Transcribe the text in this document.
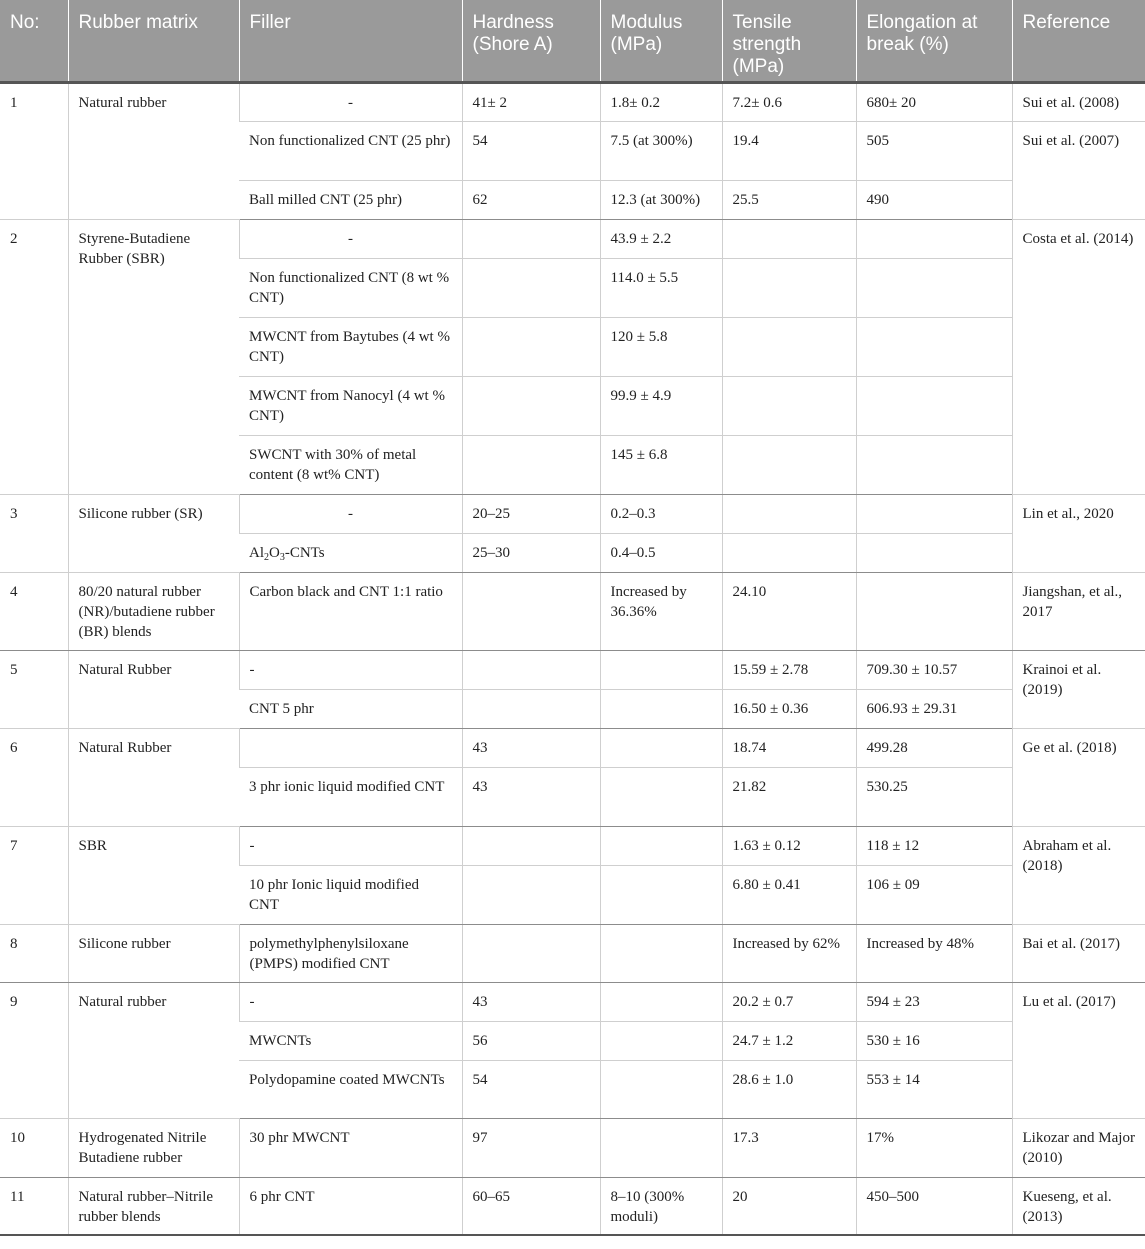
No:	Rubber matrix	Filler	Hardness (Shore A)	Modulus (MPa)	Tensile strength (MPa)	Elongation at break (%)	Reference
1	Natural rubber	-	41± 2	1.8± 0.2	7.2± 0.6	680± 20	Sui et al. (2008)
		Non functionalized CNT (25 phr)	54	7.5 (at 300%)	19.4	505	Sui et al. (2007)
		Ball milled CNT (25 phr)	62	12.3 (at 300%)	25.5	490	
2	Styrene-Butadiene Rubber (SBR)	-		43.9 ± 2.2			Costa et al. (2014)
		Non functionalized CNT (8 wt % CNT)		114.0 ± 5.5			
		MWCNT from Baytubes (4 wt % CNT)		120 ± 5.8			
		MWCNT from Nanocyl (4 wt % CNT)		99.9 ± 4.9			
		SWCNT with 30% of metal content (8 wt% CNT)		145 ± 6.8			
3	Silicone rubber (SR)	-	20–25	0.2–0.3			Lin et al., 2020
		$Al_2O_3$-CNTs	25–30	0.4–0.5			
4	80/20 natural rubber (NR)/butadiene rubber (BR) blends	Carbon black and CNT 1:1 ratio		Increased by 36.36%	24.10		Jiangshan, et al., 2017
5	Natural Rubber	-			15.59 ± 2.78	709.30 ± 10.57	Krainoi et al. (2019)
		CNT 5 phr			16.50 ± 0.36	606.93 ± 29.31	
6	Natural Rubber		43		18.74	499.28	Ge et al. (2018)
		3 phr ionic liquid modified CNT	43		21.82	530.25	
7	SBR	-			1.63 ± 0.12	118 ± 12	Abraham et al. (2018)
		10 phr Ionic liquid modified CNT			6.80 ± 0.41	106 ± 09	
8	Silicone rubber	polymethylphenylsiloxane (PMPS) modified CNT			Increased by 62%	Increased by 48%	Bai et al. (2017)
9	Natural rubber	-	43		20.2 ± 0.7	594 ± 23	Lu et al. (2017)
		MWCNTs	56		24.7 ± 1.2	530 ± 16	
		Polydopamine coated MWCNTs	54		28.6 ± 1.0	553 ± 14	
10	Hydrogenated Nitrile Butadiene rubber	30 phr MWCNT	97		17.3	17%	Likozar and Major (2010)
11	Natural rubber–Nitrile rubber blends	6 phr CNT	60–65	8–10 (300% moduli)	20	450–500	Kueseng, et al. (2013)
